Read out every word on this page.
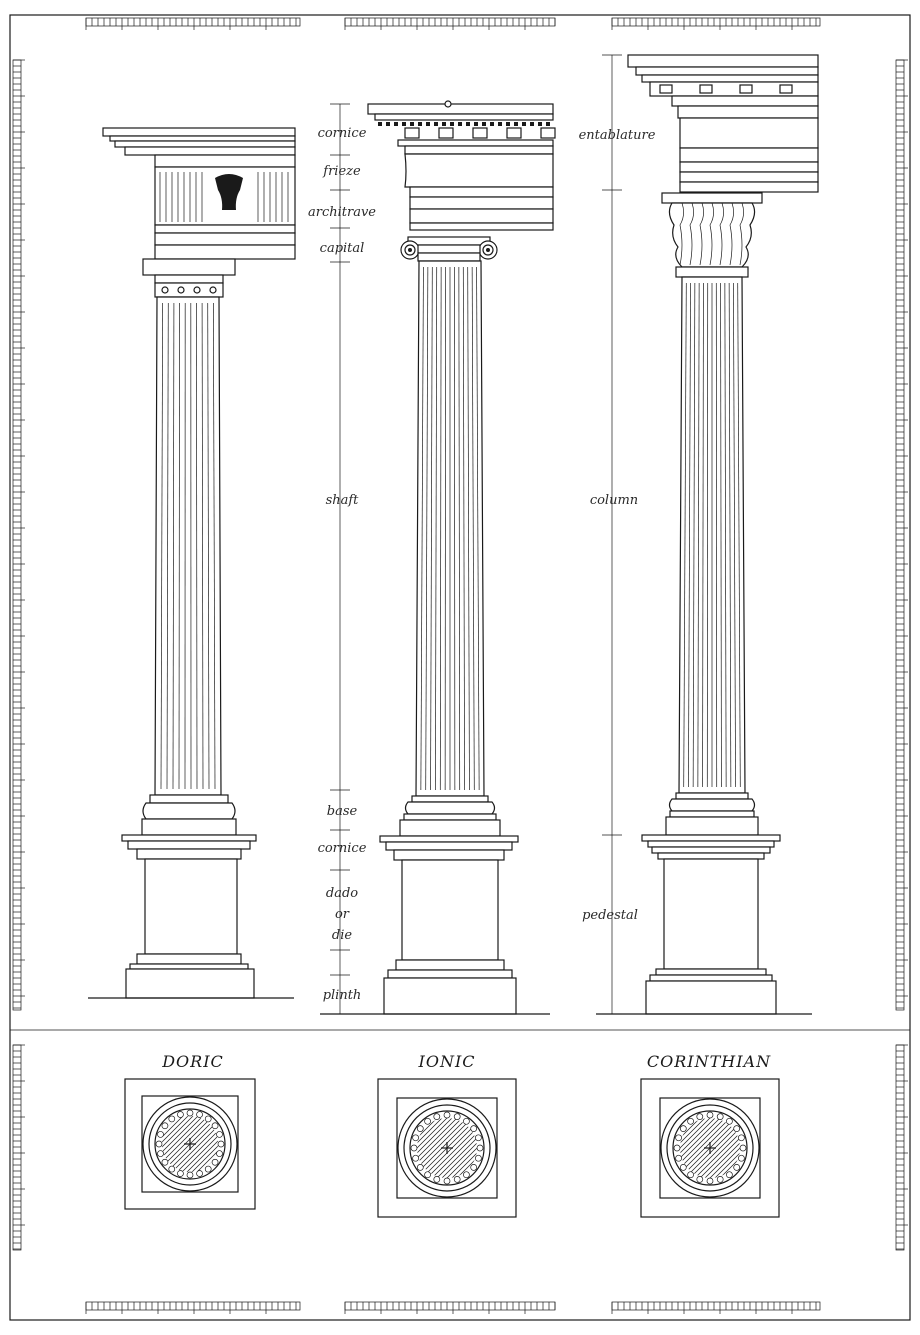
cornice
frieze
architrave
capital
shaft
base
cornice
dado
or
die
plinth
entablature
column
pedestal
DORIC	IONIC	CORINTHIAN
